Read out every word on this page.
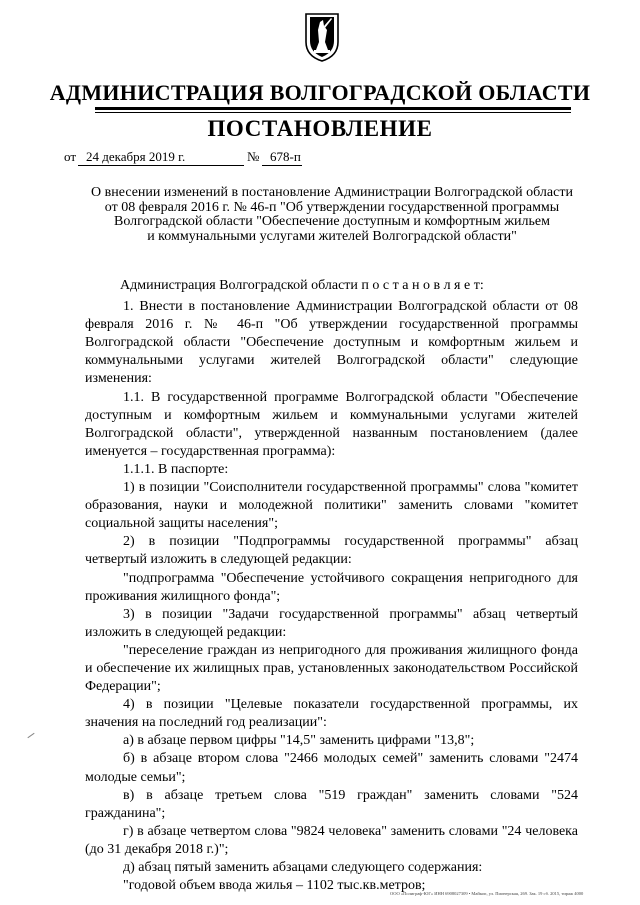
АДМИНИСТРАЦИЯ ВОЛГОГРАДСКОЙ ОБЛАСТИ
ПОСТАНОВЛЕНИЕ
от 24 декабря 2019 г.	№ 678-п
О внесении изменений в постановление Администрации Волгоградской области
от 08 февраля 2016 г. № 46-п "Об утверждении государственной программы
Волгоградской области "Обеспечение доступным и комфортным жильем
и коммунальными услугами жителей Волгоградской области"

Администрация Волгоградской области п о с т а н о в л я е т:

1. Внести в постановление Администрации Волгоградской области от 08 февраля 2016 г. № 46-п "Об утверждении государственной программы Волгоградской области "Обеспечение доступным и комфортным жильем и коммунальными услугами жителей Волгоградской области" следующие изменения:

1.1. В государственной программе Волгоградской области "Обеспечение доступным и комфортным жильем и коммунальными услугами жителей Волгоградской области", утвержденной названным постановлением (далее именуется – государственная программа):

1.1.1. В паспорте:

1) в позиции "Соисполнители государственной программы" слова "комитет образования, науки и молодежной политики" заменить словами "комитет социальной защиты населения";

2) в позиции "Подпрограммы государственной программы" абзац четвертый изложить в следующей редакции:

"подпрограмма "Обеспечение устойчивого сокращения непригодного для проживания жилищного фонда";

3) в позиции "Задачи государственной программы" абзац четвертый изложить в следующей редакции:

"переселение граждан из непригодного для проживания жилищного фонда и обеспечение их жилищных прав, установленных законодательством Российской Федерации";

4) в позиции "Целевые показатели государственной программы, их значения на последний год реализации":

а) в абзаце первом цифры "14,5" заменить цифрами "13,8";

б) в абзаце втором слова "2466 молодых семей" заменить словами "2474 молодые семьи";

в) в абзаце третьем слова "519 граждан" заменить словами "524 гражданина";

г) в абзаце четвертом слова "9824 человека" заменить словами "24 человека (до 31 декабря 2018 г.)";

д) абзац пятый заменить абзацами следующего содержания:

"годовой объем ввода жилья – 1102 тыс.кв.метров;

ООО «Полиграф-ЮГ» ИНН 6908027309 • Майкоп, ул. Пионерская, 269. Зак. 19 сб. 2015, тираж 4000
